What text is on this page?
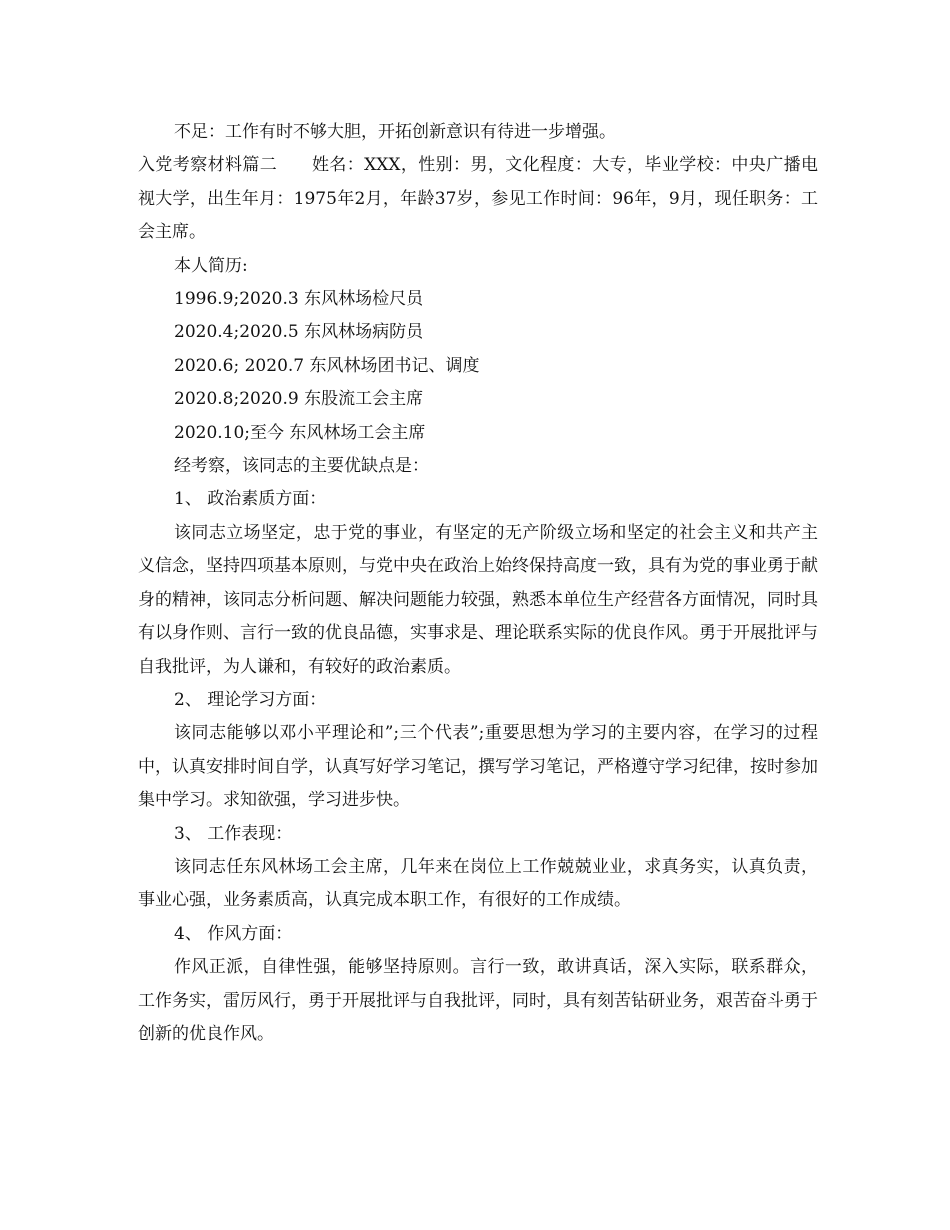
不足：工作有时不够大胆，开拓创新意识有待进一步增强。

入党考察材料篇二　　姓名：XXX，性别：男，文化程度：大专，毕业学校：中央广播电视大学，出生年月：1975年2月，年龄37岁，参见工作时间：96年，9月，现任职务：工会主席。

本人简历:

1996.9;2020.3 东风林场检尺员
2020.4;2020.5 东风林场病防员
2020.6; 2020.7 东风林场团书记、调度
2020.8;2020.9 东股流工会主席
2020.10;至今 东风林场工会主席

经考察，该同志的主要优缺点是：

1、 政治素质方面：

该同志立场坚定，忠于党的事业，有坚定的无产阶级立场和坚定的社会主义和共产主义信念，坚持四项基本原则，与党中央在政治上始终保持高度一致，具有为党的事业勇于献身的精神，该同志分析问题、解决问题能力较强，熟悉本单位生产经营各方面情况，同时具有以身作则、言行一致的优良品德，实事求是、理论联系实际的优良作风。勇于开展批评与自我批评，为人谦和，有较好的政治素质。

2、 理论学习方面：

该同志能够以邓小平理论和”;三个代表”;重要思想为学习的主要内容，在学习的过程中，认真安排时间自学，认真写好学习笔记，撰写学习笔记，严格遵守学习纪律，按时参加集中学习。求知欲强，学习进步快。

3、 工作表现：

该同志任东风林场工会主席，几年来在岗位上工作兢兢业业，求真务实，认真负责，事业心强，业务素质高，认真完成本职工作，有很好的工作成绩。

4、 作风方面：

作风正派，自律性强，能够坚持原则。言行一致，敢讲真话，深入实际，联系群众，工作务实，雷厉风行，勇于开展批评与自我批评，同时，具有刻苦钻研业务，艰苦奋斗勇于创新的优良作风。
